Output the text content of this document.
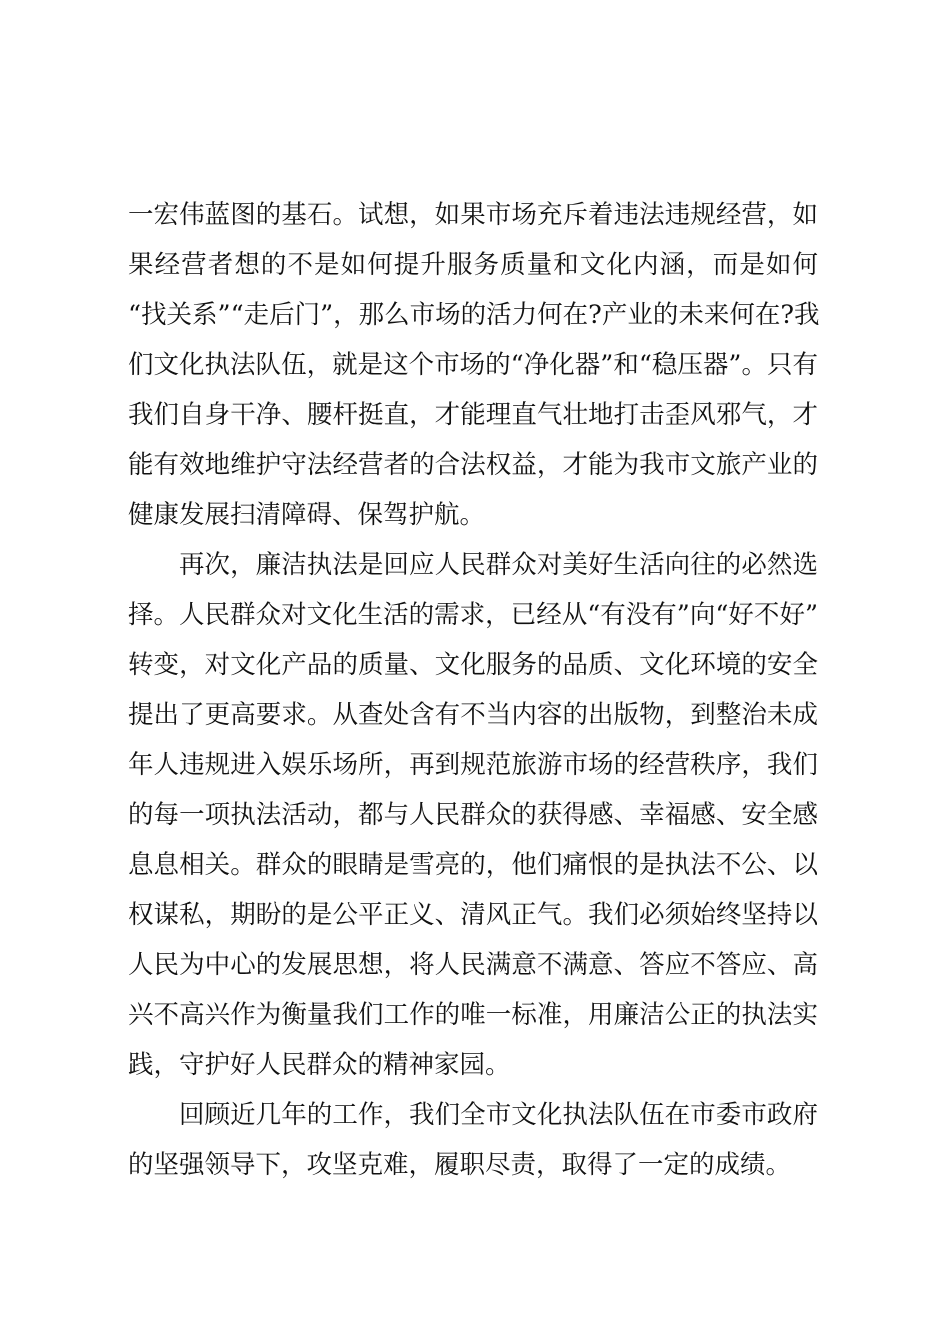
一宏伟蓝图的基石。试想，如果市场充斥着违法违规经营，如
果经营者想的不是如何提升服务质量和文化内涵，而是如何
“找关系”“走后门”，那么市场的活力何在?产业的未来何在?我
们文化执法队伍，就是这个市场的“净化器”和“稳压器”。只有
我们自身干净、腰杆挺直，才能理直气壮地打击歪风邪气，才
能有效地维护守法经营者的合法权益，才能为我市文旅产业的
健康发展扫清障碍、保驾护航。

再次，廉洁执法是回应人民群众对美好生活向往的必然选
择。人民群众对文化生活的需求，已经从“有没有”向“好不好”
转变，对文化产品的质量、文化服务的品质、文化环境的安全
提出了更高要求。从查处含有不当内容的出版物，到整治未成
年人违规进入娱乐场所，再到规范旅游市场的经营秩序，我们
的每一项执法活动，都与人民群众的获得感、幸福感、安全感
息息相关。群众的眼睛是雪亮的，他们痛恨的是执法不公、以
权谋私，期盼的是公平正义、清风正气。我们必须始终坚持以
人民为中心的发展思想，将人民满意不满意、答应不答应、高
兴不高兴作为衡量我们工作的唯一标准，用廉洁公正的执法实
践，守护好人民群众的精神家园。

回顾近几年的工作，我们全市文化执法队伍在市委市政府
的坚强领导下，攻坚克难，履职尽责，取得了一定的成绩。
